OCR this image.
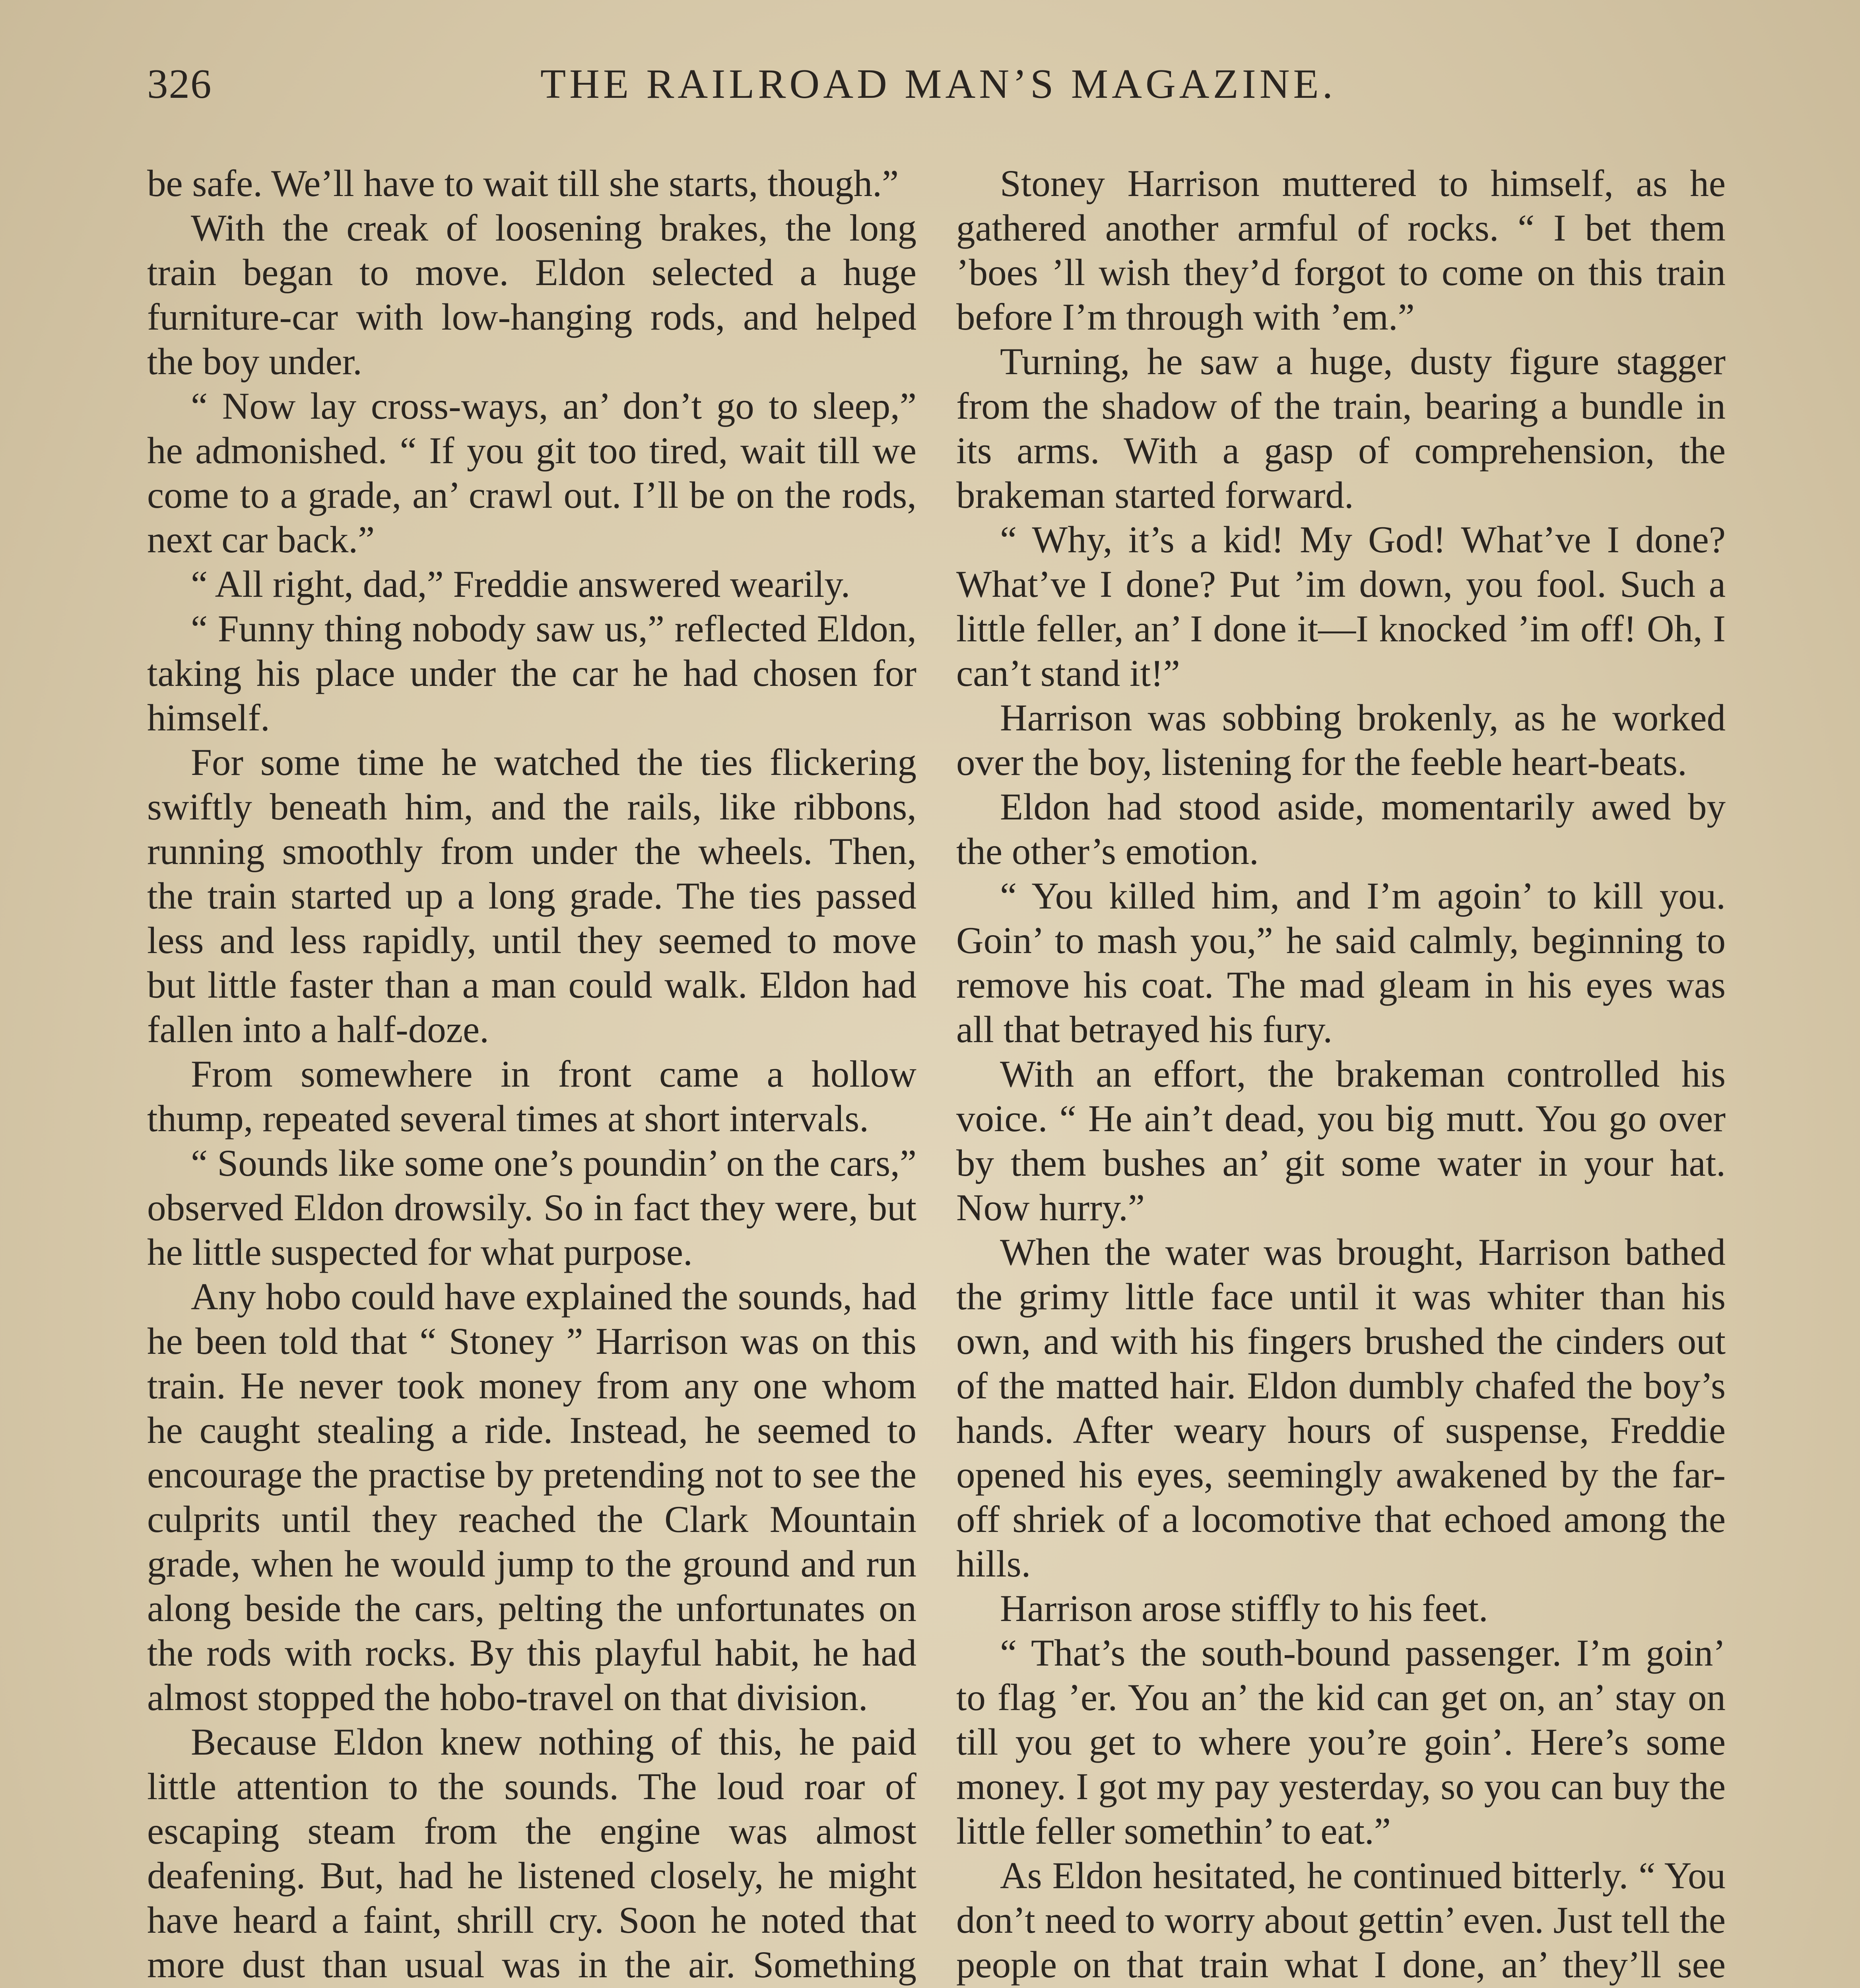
326	THE RAILROAD MAN’S MAGAZINE.

be safe. We’ll have to wait till she starts, though.”

With the creak of loosening brakes, the long train began to move. Eldon selected a huge furniture-car with low-hanging rods, and helped the boy under.

“ Now lay cross-ways, an’ don’t go to sleep,” he admonished. “ If you git too tired, wait till we come to a grade, an’ crawl out. I’ll be on the rods, next car back.”

“ All right, dad,” Freddie answered wearily.

“ Funny thing nobody saw us,” reflected Eldon, taking his place under the car he had chosen for himself.

For some time he watched the ties flickering swiftly beneath him, and the rails, like ribbons, running smoothly from under the wheels. Then, the train started up a long grade. The ties passed less and less rapidly, until they seemed to move but little faster than a man could walk. Eldon had fallen into a half-doze.

From somewhere in front came a hollow thump, repeated several times at short intervals.

“ Sounds like some one’s poundin’ on the cars,” observed Eldon drowsily. So in fact they were, but he little suspected for what purpose.

Any hobo could have explained the sounds, had he been told that “ Stoney ” Harrison was on this train. He never took money from any one whom he caught stealing a ride. Instead, he seemed to encourage the practise by pretending not to see the culprits until they reached the Clark Mountain grade, when he would jump to the ground and run along beside the cars, pelting the unfortunates on the rods with rocks. By this playful habit, he had almost stopped the hobo-travel on that division.

Because Eldon knew nothing of this, he paid little attention to the sounds. The loud roar of escaping steam from the engine was almost deafening. But, had he listened closely, he might have heard a faint, shrill cry. Soon he noted that more dust than usual was in the air. Something

Stoney Harrison muttered to himself, as he gathered another armful of rocks. “ I bet them ’boes ’ll wish they’d forgot to come on this train before I’m through with ’em.”

Turning, he saw a huge, dusty figure stagger from the shadow of the train, bearing a bundle in its arms. With a gasp of comprehension, the brakeman started forward.

“ Why, it’s a kid! My God! What’ve I done? What’ve I done? Put ’im down, you fool. Such a little feller, an’ I done it—I knocked ’im off! Oh, I can’t stand it!”

Harrison was sobbing brokenly, as he worked over the boy, listening for the feeble heart-beats.

Eldon had stood aside, momentarily awed by the other’s emotion.

“ You killed him, and I’m agoin’ to kill you. Goin’ to mash you,” he said calmly, beginning to remove his coat. The mad gleam in his eyes was all that betrayed his fury.

With an effort, the brakeman controlled his voice. “ He ain’t dead, you big mutt. You go over by them bushes an’ git some water in your hat. Now hurry.”

When the water was brought, Harrison bathed the grimy little face until it was whiter than his own, and with his fingers brushed the cinders out of the matted hair. Eldon dumbly chafed the boy’s hands. After weary hours of suspense, Freddie opened his eyes, seemingly awakened by the far-off shriek of a locomotive that echoed among the hills.

Harrison arose stiffly to his feet.

“ That’s the south-bound passenger. I’m goin’ to flag ’er. You an’ the kid can get on, an’ stay on till you get to where you’re goin’. Here’s some money. I got my pay yesterday, so you can buy the little feller somethin’ to eat.”

As Eldon hesitated, he continued bitterly. “ You don’t need to worry about gettin’ even. Just tell the people on that train what I done, an’ they’ll see
